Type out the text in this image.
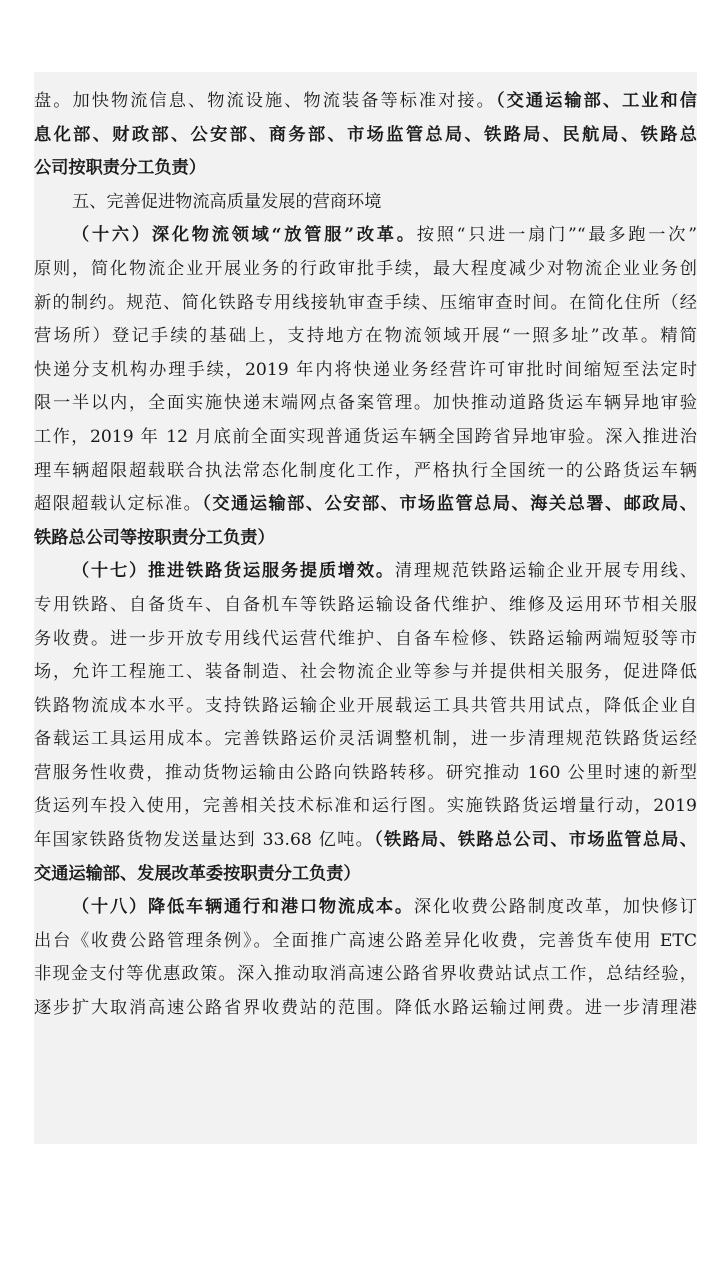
盘。加快物流信息、物流设施、物流装备等标准对接。（交通运输部、工业和信
息化部、财政部、公安部、商务部、市场监管总局、铁路局、民航局、铁路总
公司按职责分工负责）
五、完善促进物流高质量发展的营商环境
（十六）深化物流领域“放管服”改革。按照“只进一扇门”“最多跑一次”
原则，简化物流企业开展业务的行政审批手续，最大程度减少对物流企业业务创
新的制约。规范、简化铁路专用线接轨审查手续、压缩审查时间。在简化住所（经
营场所）登记手续的基础上，支持地方在物流领域开展“一照多址”改革。精简
快递分支机构办理手续，2019 年内将快递业务经营许可审批时间缩短至法定时
限一半以内，全面实施快递末端网点备案管理。加快推动道路货运车辆异地审验
工作，2019 年 12 月底前全面实现普通货运车辆全国跨省异地审验。深入推进治
理车辆超限超载联合执法常态化制度化工作，严格执行全国统一的公路货运车辆
超限超载认定标准。（交通运输部、公安部、市场监管总局、海关总署、邮政局、
铁路总公司等按职责分工负责）
（十七）推进铁路货运服务提质增效。清理规范铁路运输企业开展专用线、
专用铁路、自备货车、自备机车等铁路运输设备代维护、维修及运用环节相关服
务收费。进一步开放专用线代运营代维护、自备车检修、铁路运输两端短驳等市
场，允许工程施工、装备制造、社会物流企业等参与并提供相关服务，促进降低
铁路物流成本水平。支持铁路运输企业开展载运工具共管共用试点，降低企业自
备载运工具运用成本。完善铁路运价灵活调整机制，进一步清理规范铁路货运经
营服务性收费，推动货物运输由公路向铁路转移。研究推动 160 公里时速的新型
货运列车投入使用，完善相关技术标准和运行图。实施铁路货运增量行动，2019
年国家铁路货物发送量达到 33.68 亿吨。（铁路局、铁路总公司、市场监管总局、
交通运输部、发展改革委按职责分工负责）
（十八）降低车辆通行和港口物流成本。深化收费公路制度改革，加快修订
出台《收费公路管理条例》。全面推广高速公路差异化收费，完善货车使用 ETC
非现金支付等优惠政策。深入推动取消高速公路省界收费站试点工作，总结经验，
逐步扩大取消高速公路省界收费站的范围。降低水路运输过闸费。进一步清理港
